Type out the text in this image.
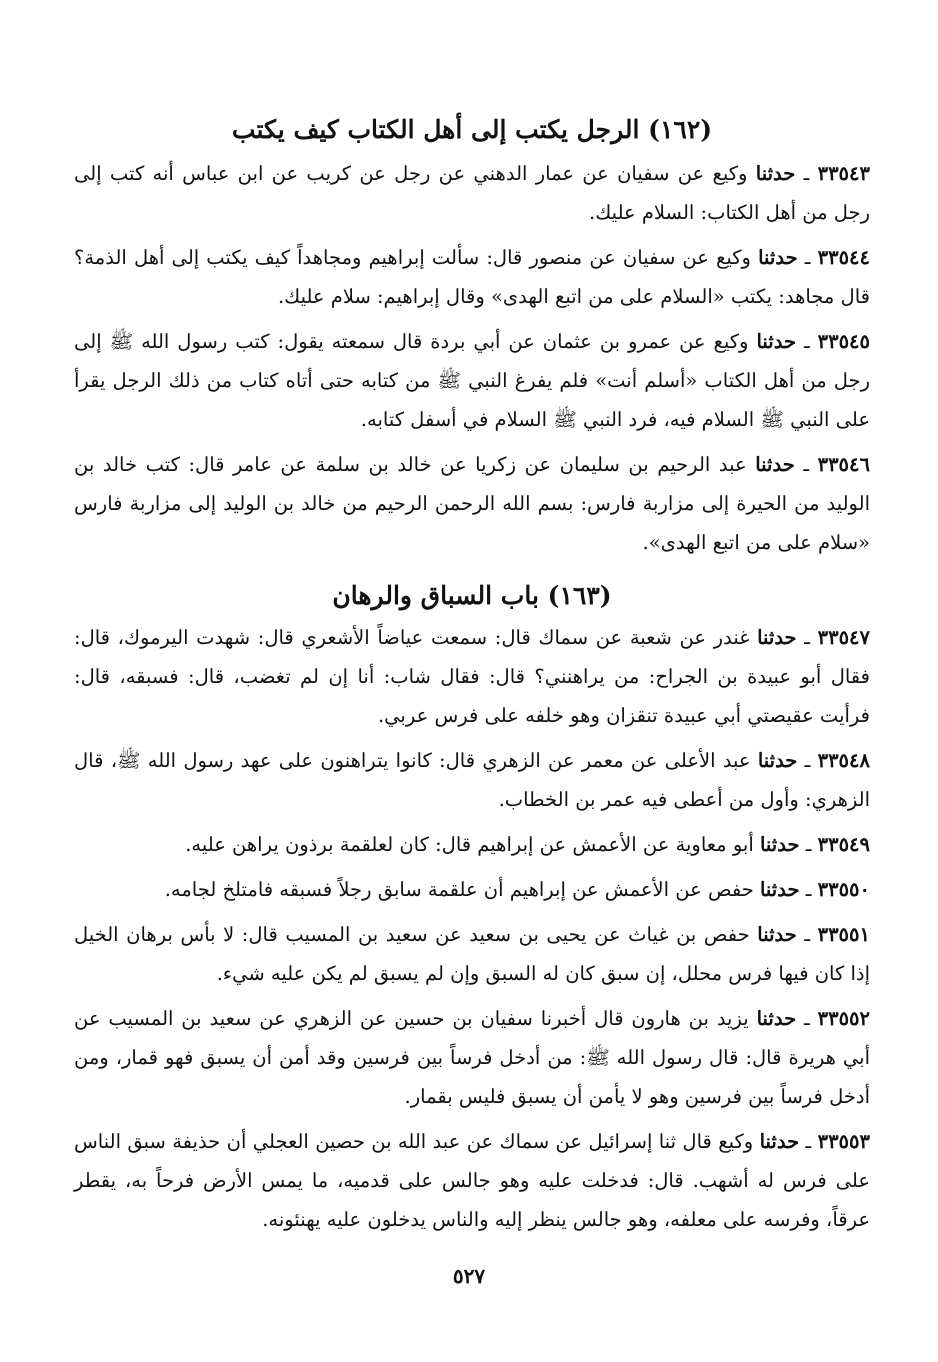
(١٦٢) الرجل يكتب إلى أهل الكتاب كيف يكتب

٣٣٥٤٣ ـ حدثنا وكيع عن سفيان عن عمار الدهني عن رجل عن كريب عن ابن عباس أنه كتب إلى رجل من أهل الكتاب: السلام عليك.

٣٣٥٤٤ ـ حدثنا وكيع عن سفيان عن منصور قال: سألت إبراهيم ومجاهداً كيف يكتب إلى أهل الذمة؟ قال مجاهد: يكتب «السلام على من اتبع الهدى» وقال إبراهيم: سلام عليك.

٣٣٥٤٥ ـ حدثنا وكيع عن عمرو بن عثمان عن أبي بردة قال سمعته يقول: كتب رسول الله ﷺ إلى رجل من أهل الكتاب «أسلم أنت» فلم يفرغ النبي ﷺ من كتابه حتى أتاه كتاب من ذلك الرجل يقرأ على النبي ﷺ السلام فيه، فرد النبي ﷺ السلام في أسفل كتابه.

٣٣٥٤٦ ـ حدثنا عبد الرحيم بن سليمان عن زكريا عن خالد بن سلمة عن عامر قال: كتب خالد بن الوليد من الحيرة إلى مزاربة فارس: بسم الله الرحمن الرحيم من خالد بن الوليد إلى مزاربة فارس «سلام على من اتبع الهدى».

(١٦٣) باب السباق والرهان

٣٣٥٤٧ ـ حدثنا غندر عن شعبة عن سماك قال: سمعت عياضاً الأشعري قال: شهدت اليرموك، قال: فقال أبو عبيدة بن الجراح: من يراهنني؟ قال: فقال شاب: أنا إن لم تغضب، قال: فسبقه، قال: فرأيت عقيصتي أبي عبيدة تنقزان وهو خلفه على فرس عربي.

٣٣٥٤٨ ـ حدثنا عبد الأعلى عن معمر عن الزهري قال: كانوا يتراهنون على عهد رسول الله ﷺ، قال الزهري: وأول من أعطى فيه عمر بن الخطاب.

٣٣٥٤٩ ـ حدثنا أبو معاوية عن الأعمش عن إبراهيم قال: كان لعلقمة برذون يراهن عليه.

٣٣٥٥٠ ـ حدثنا حفص عن الأعمش عن إبراهيم أن علقمة سابق رجلاً فسبقه فامتلخ لجامه.

٣٣٥٥١ ـ حدثنا حفص بن غياث عن يحيى بن سعيد عن سعيد بن المسيب قال: لا بأس برهان الخيل إذا كان فيها فرس محلل، إن سبق كان له السبق وإن لم يسبق لم يكن عليه شيء.

٣٣٥٥٢ ـ حدثنا يزيد بن هارون قال أخبرنا سفيان بن حسين عن الزهري عن سعيد بن المسيب عن أبي هريرة قال: قال رسول الله ﷺ: من أدخل فرساً بين فرسين وقد أمن أن يسبق فهو قمار، ومن أدخل فرساً بين فرسين وهو لا يأمن أن يسبق فليس بقمار.

٣٣٥٥٣ ـ حدثنا وكيع قال ثنا إسرائيل عن سماك عن عبد الله بن حصين العجلي أن حذيفة سبق الناس على فرس له أشهب. قال: فدخلت عليه وهو جالس على قدميه، ما يمس الأرض فرحاً به، يقطر عرقاً، وفرسه على معلفه، وهو جالس ينظر إليه والناس يدخلون عليه يهنئونه.

٥٢٧
